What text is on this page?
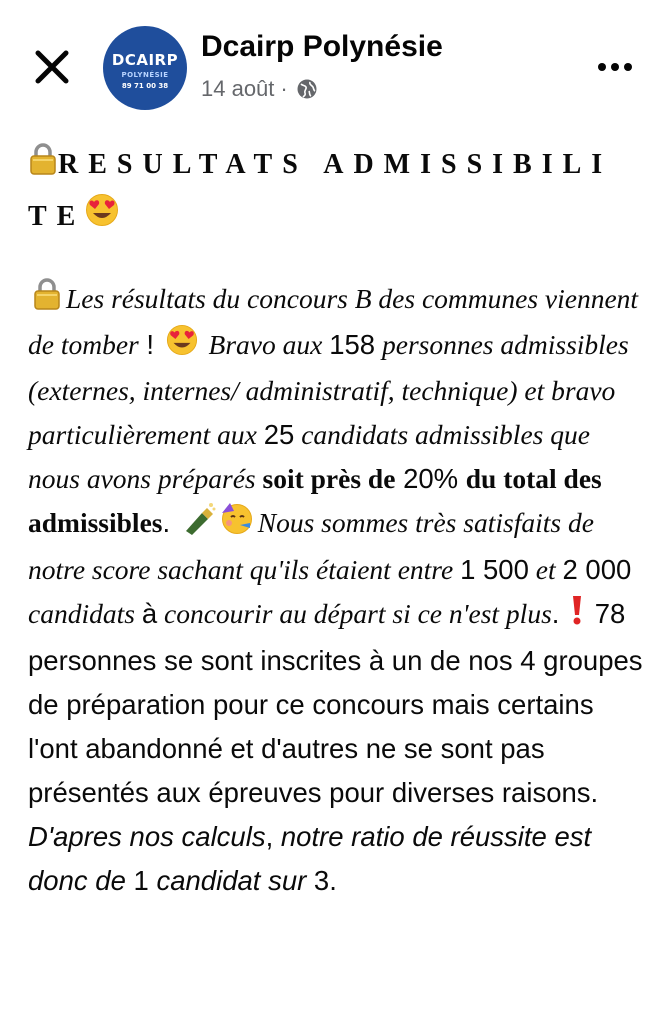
DCAIRP
POLYNÉSIE
89 71 00 38
Dcairp Polynésie
14 août ·

RESULTATS ADMISSIBILI TE

Les résultats du concours B des communes viennent de tomber !  Bravo aux 158 personnes admissibles (externes, internes/ administratif, technique) et bravo particulièrement aux 25 candidats admissibles que nous avons préparés soit près de 20% du total des admissibles.	Nous sommes très satisfaits de notre score sachant qu'ils étaient entre 1 500 et 2 000 candidats à concourir au départ si ce n'est plus.  78 personnes se sont inscrites à un de nos 4 groupes de préparation pour ce concours mais certains l'ont abandonné et d'autres ne se sont pas présentés aux épreuves pour diverses raisons. D'apres nos calculs, notre ratio de réussite est donc de 1 candidat sur 3.
